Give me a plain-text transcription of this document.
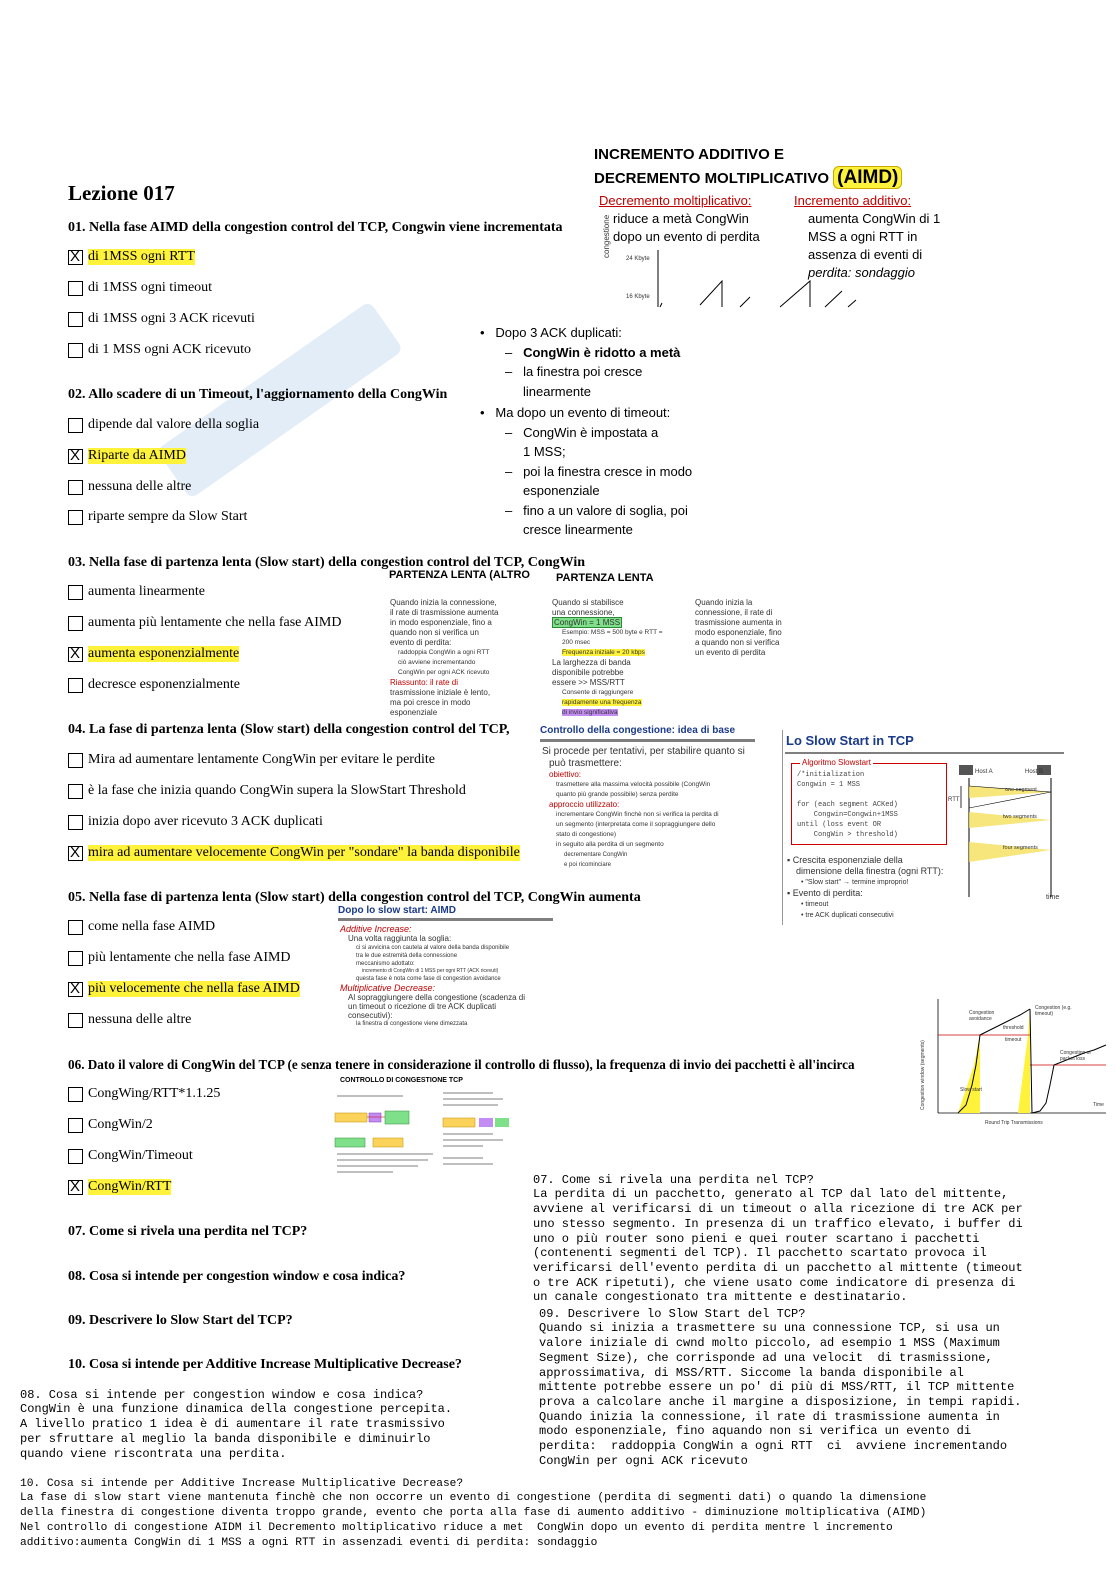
Lezione 017
01. Nella fase AIMD della congestion control del TCP, Congwin viene incrementata
X
di 1MSS ogni RTT
di 1MSS ogni timeout
di 1MSS ogni 3 ACK ricevuti
di 1 MSS ogni ACK ricevuto
02. Allo scadere di un Timeout, l'aggiornamento della CongWin
dipende dal valore della soglia
X
Riparte da AIMD
nessuna delle altre
riparte sempre da Slow Start
03. Nella fase di partenza lenta (Slow start) della congestion control del TCP, CongWin
aumenta linearmente
aumenta più lentamente che nella fase AIMD
X
aumenta esponenzialmente
decresce esponenzialmente
04. La fase di partenza lenta (Slow start) della congestion control del TCP,
Mira ad aumentare lentamente CongWin per evitare le perdite
è la fase che inizia quando CongWin supera la SlowStart Threshold
inizia dopo aver ricevuto 3 ACK duplicati
X
mira ad aumentare velocemente CongWin per "sondare" la banda disponibile
05. Nella fase di partenza lenta (Slow start) della congestion control del TCP, CongWin aumenta
come nella fase AIMD
più lentamente che nella fase AIMD
X
più velocemente che nella fase AIMD
nessuna delle altre
06. Dato il valore di CongWin del TCP (e senza tenere in considerazione il controllo di flusso), la frequenza di invio dei pacchetti è all'incirca
CongWing/RTT*1.1.25
CongWin/2
CongWin/Timeout
X
CongWin/RTT
07. Come si rivela una perdita nel TCP?
08. Cosa si intende per congestion window e cosa indica?
09. Descrivere lo Slow Start del TCP?
10. Cosa si intende per Additive Increase Multiplicative Decrease?
INCREMENTO ADDITIVO E
DECREMENTO MOLTIPLICATIVO (AIMD)
Decremento moltiplicativo:
riduce a metà CongWin
dopo un evento di perdita
Incremento additivo:
aumenta CongWin di 1
MSS a ogni RTT in
assenza di eventi di
perdita: sondaggio
congestione
24 Kbyte
16 Kbyte
•   Dopo 3 ACK duplicati:
–   CongWin è ridotto a metà
–   la finestra poi cresce
linearmente
•   Ma dopo un evento di timeout:
–   CongWin è impostata a
1 MSS;
–   poi la finestra cresce in modo
esponenziale
–   fino a un valore di soglia, poi
cresce linearmente
PARTENZA LENTA (ALTRO
Quando inizia la connessione,
il rate di trasmissione aumenta
in modo esponenziale, fino a
quando non si verifica un
evento di perdita:
raddoppia CongWin a ogni RTT
ciò avviene incrementando
CongWin per ogni ACK ricevuto
Riassunto: il rate di
trasmissione iniziale è lento,
ma poi cresce in modo
esponenziale
PARTENZA LENTA
Quando si stabilisce
una connessione,
CongWin = 1 MSS
Esempio: MSS = 500 byte e RTT =
200 msec
Frequenza iniziale = 20 kbps
La larghezza di banda
disponibile potrebbe
essere >> MSS/RTT
Consente di raggiungere
rapidamente una frequenza
di invio significativa
Quando inizia la
connessione, il rate di
trasmissione aumenta in
modo esponenziale, fino
a quando non si verifica
un evento di perdita
Controllo della congestione: idea di base
Si procede per tentativi, per stabilire quanto si
può trasmettere:
obiettivo:
trasmettere alla massima velocità possibile (CongWin
quanto più grande possibile) senza perdite
approccio utilizzato:
incrementare CongWin finchè non si verifica la perdita di
un segmento (interpretata come il sopraggiungere dello
stato di congestione)
in seguito alla perdita di un segmento
decrementare CongWin
e poi ricominciare
Lo Slow Start in TCP
Algoritmo Slowstart
/*initialization
Congwin = 1 MSS

for (each segment ACKed)
Congwin=Congwin+1MSS
until (loss event OR
CongWin > threshold)
Host A	Host B
one segment
two segments
four segments
RTT
time
▪ Crescita esponenziale della
dimensione della finestra (ogni RTT):
• "Slow start" → termine improprio!
▪ Evento di perdita:
• timeout
• tre ACK duplicati consecutivi
Dopo lo slow start: AIMD
Additive Increase:
Una volta raggiunta la soglia:
ci si avvicina con cautela al valore della banda disponibile
tra le due estremità della connessione
meccanismo adottato:
incremento di CongWin di 1 MSS per ogni RTT (ACK ricevuti)
questa fase è nota come fase di congestion avoidance
Multiplicative Decrease:
Al sopraggiungere della congestione (scadenza di
un timeout o ricezione di tre ACK duplicati
consecutivi):
la finestra di congestione viene dimezzata
Congestion window (segments)
Round Trip Transmissions
Congestion avoidance
threshold
timeout
Slow start
Congestion (e.g. timeout)
Congestion or packet loss
Time
CONTROLLO DI CONGESTIONE TCP

07. Come si rivela una perdita nel TCP?
La perdita di un pacchetto, generato al TCP dal lato del mittente,
avviene al verificarsi di un timeout o alla ricezione di tre ACK per
uno stesso segmento. In presenza di un traffico elevato, i buffer di
uno o più router sono pieni e quei router scartano i pacchetti
(contenenti segmenti del TCP). Il pacchetto scartato provoca il
verificarsi dell'evento perdita di un pacchetto al mittente (timeout
o tre ACK ripetuti), che viene usato come indicatore di presenza di
un canale congestionato tra mittente e destinatario.

09. Descrivere lo Slow Start del TCP?
Quando si inizia a trasmettere su una connessione TCP, si usa un
valore iniziale di cwnd molto piccolo, ad esempio 1 MSS (Maximum
Segment Size), che corrisponde ad una velocit  di trasmissione,
approssimativa, di MSS/RTT. Siccome la banda disponibile al
mittente potrebbe essere un po' di più di MSS/RTT, il TCP mittente
prova a calcolare anche il margine a disposizione, in tempi rapidi.
Quando inizia la connessione, il rate di trasmissione aumenta in
modo esponenziale, fino aquando non si verifica un evento di
perdita:  raddoppia CongWin a ogni RTT  ci  avviene incrementando
CongWin per ogni ACK ricevuto

08. Cosa si intende per congestion window e cosa indica?
CongWin è una funzione dinamica della congestione percepita.
A livello pratico 1 idea è di aumentare il rate trasmissivo
per sfruttare al meglio la banda disponibile e diminuirlo
quando viene riscontrata una perdita.

10. Cosa si intende per Additive Increase Multiplicative Decrease?
La fase di slow start viene mantenuta finchè che non occorre un evento di congestione (perdita di segmenti dati) o quando la dimensione
della finestra di congestione diventa troppo grande, evento che porta alla fase di aumento additivo - diminuzione moltiplicativa (AIMD)
Nel controllo di congestione AIDM il Decremento moltiplicativo riduce a met  CongWin dopo un evento di perdita mentre l incremento
additivo:aumenta CongWin di 1 MSS a ogni RTT in assenzadi eventi di perdita: sondaggio
